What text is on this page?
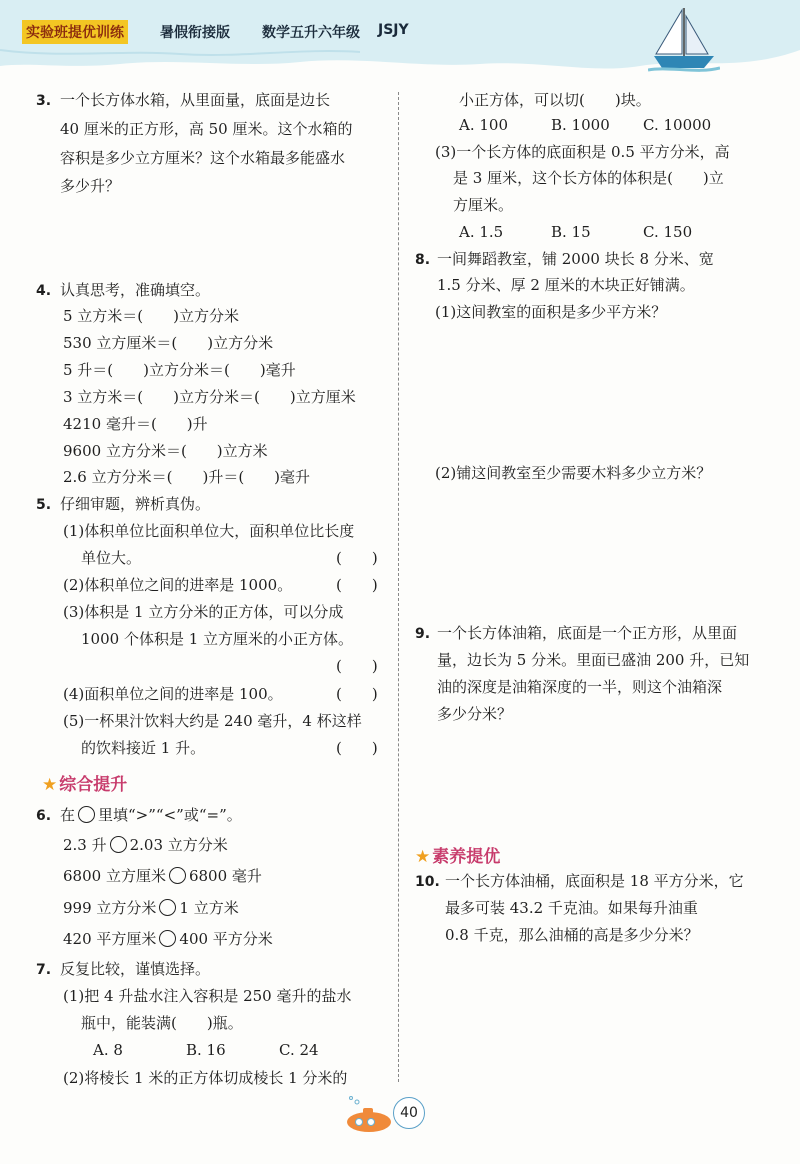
实验班提优训练	暑假衔接版 数学五升六年级 JSJY
3. 一个长方体水箱，从里面量，底面是边长
40 厘米的正方形，高 50 厘米。这个水箱的
容积是多少立方厘米？这个水箱最多能盛水
多少升？
4. 认真思考，准确填空。
5 立方米＝(　　)立方分米
530 立方厘米＝(　　)立方分米
5 升＝(　　)立方分米＝(　　)毫升
3 立方米＝(　　)立方分米＝(　　)立方厘米
4210 毫升＝(　　)升
9600 立方分米＝(　　)立方米
2.6 立方分米＝(　　)升＝(　　)毫升
5. 仔细审题，辨析真伪。
(1)体积单位比面积单位大，面积单位比长度
单位大。	(　　)
(2)体积单位之间的进率是 1000。	(　　)
(3)体积是 1 立方分米的正方体，可以分成
1000 个体积是 1 立方厘米的小正方体。
(　　)
(4)面积单位之间的进率是 100。	(　　)
(5)一杯果汁饮料大约是 240 毫升，4 杯这样
的饮料接近 1 升。	(　　)
★ 综合提升
6. 在 里填“>”“<”或“=”。
2.3 升 2.03 立方分米
6800 立方厘米 6800 毫升
999 立方分米 1 立方米
420 平方厘米 400 平方分米
7. 反复比较，谨慎选择。
(1)把 4 升盐水注入容积是 250 毫升的盐水
瓶中，能装满(　　)瓶。
A. 8	B. 16	C. 24
(2)将棱长 1 米的正方体切成棱长 1 分米的
小正方体，可以切(　　)块。
A. 100	B. 1000 C. 10000
(3)一个长方体的底面积是 0.5 平方分米，高
是 3 厘米，这个长方体的体积是(　　)立
方厘米。
A. 1.5	B. 15	C. 150
8. 一间舞蹈教室，铺 2000 块长 8 分米、宽
1.5 分米、厚 2 厘米的木块正好铺满。
(1)这间教室的面积是多少平方米？
(2)铺这间教室至少需要木料多少立方米？
9. 一个长方体油箱，底面是一个正方形，从里面
量，边长为 5 分米。里面已盛油 200 升，已知
油的深度是油箱深度的一半，则这个油箱深
多少分米？
★ 素养提优
10. 一个长方体油桶，底面积是 18 平方分米，它
最多可装 43.2 千克油。如果每升油重
0.8 千克，那么油桶的高是多少分米？
40
